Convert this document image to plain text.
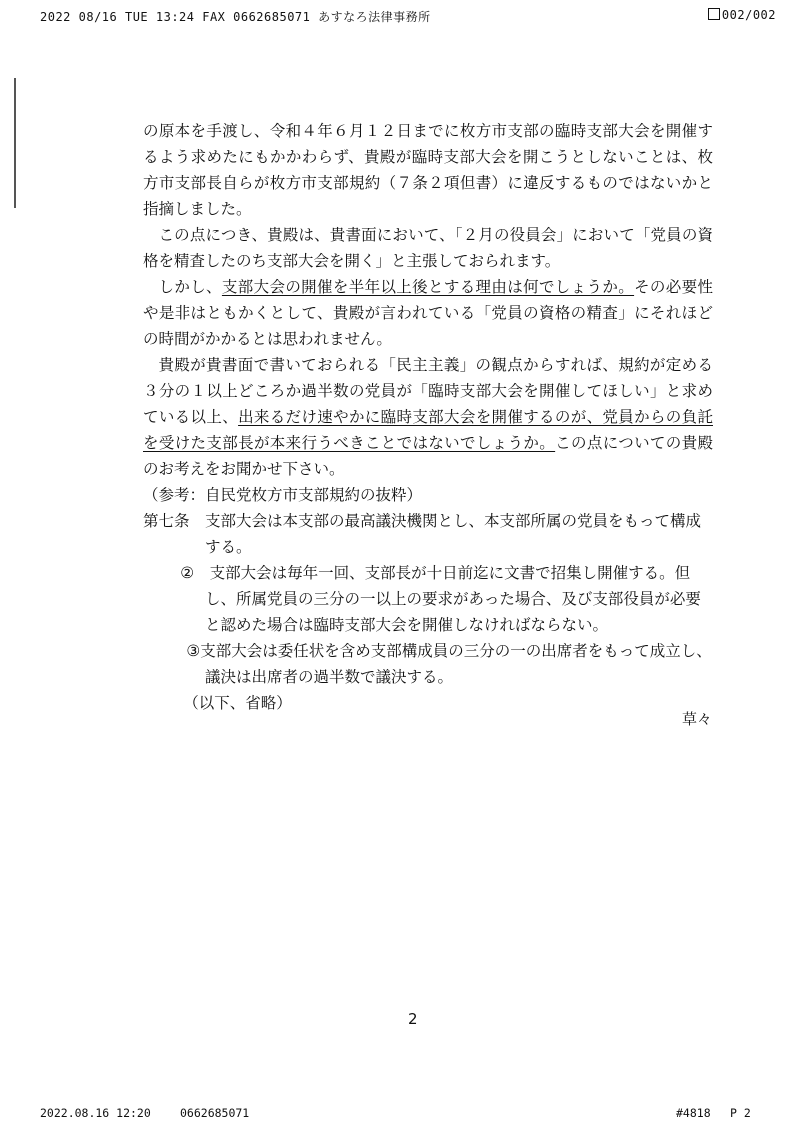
2022 08/16 TUE 13:24 FAX 0662685071 あすなろ法律事務所	002/002

の原本を手渡し、令和４年６月１２日までに枚方市支部の臨時支部大会を開催するよう求めたにもかかわらず、貴殿が臨時支部大会を開こうとしないことは、枚方市支部長自らが枚方市支部規約（７条２項但書）に違反するものではないかと指摘しました。

この点につき、貴殿は、貴書面において、「２月の役員会」において「党員の資格を精査したのち支部大会を開く」と主張しておられます。

しかし、支部大会の開催を半年以上後とする理由は何でしょうか。その必要性や是非はともかくとして、貴殿が言われている「党員の資格の精査」にそれほどの時間がかかるとは思われません。

貴殿が貴書面で書いておられる「民主主義」の観点からすれば、規約が定める３分の１以上どころか過半数の党員が「臨時支部大会を開催してほしい」と求めている以上、出来るだけ速やかに臨時支部大会を開催するのが、党員からの負託を受けた支部長が本来行うべきことではないでしょうか。この点についての貴殿のお考えをお聞かせ下さい。

（参考：自民党枚方市支部規約の抜粋）

第七条　支部大会は本支部の最高議決機関とし、本支部所属の党員をもって構成する。

②　支部大会は毎年一回、支部長が十日前迄に文書で招集し開催する。但し、所属党員の三分の一以上の要求があった場合、及び支部役員が必要と認めた場合は臨時支部大会を開催しなければならない。

③支部大会は委任状を含め支部構成員の三分の一の出席者をもって成立し、議決は出席者の過半数で議決する。

（以下、省略）

草々
2
2022.08.16 12:20	0662685071	#4818 P 2
